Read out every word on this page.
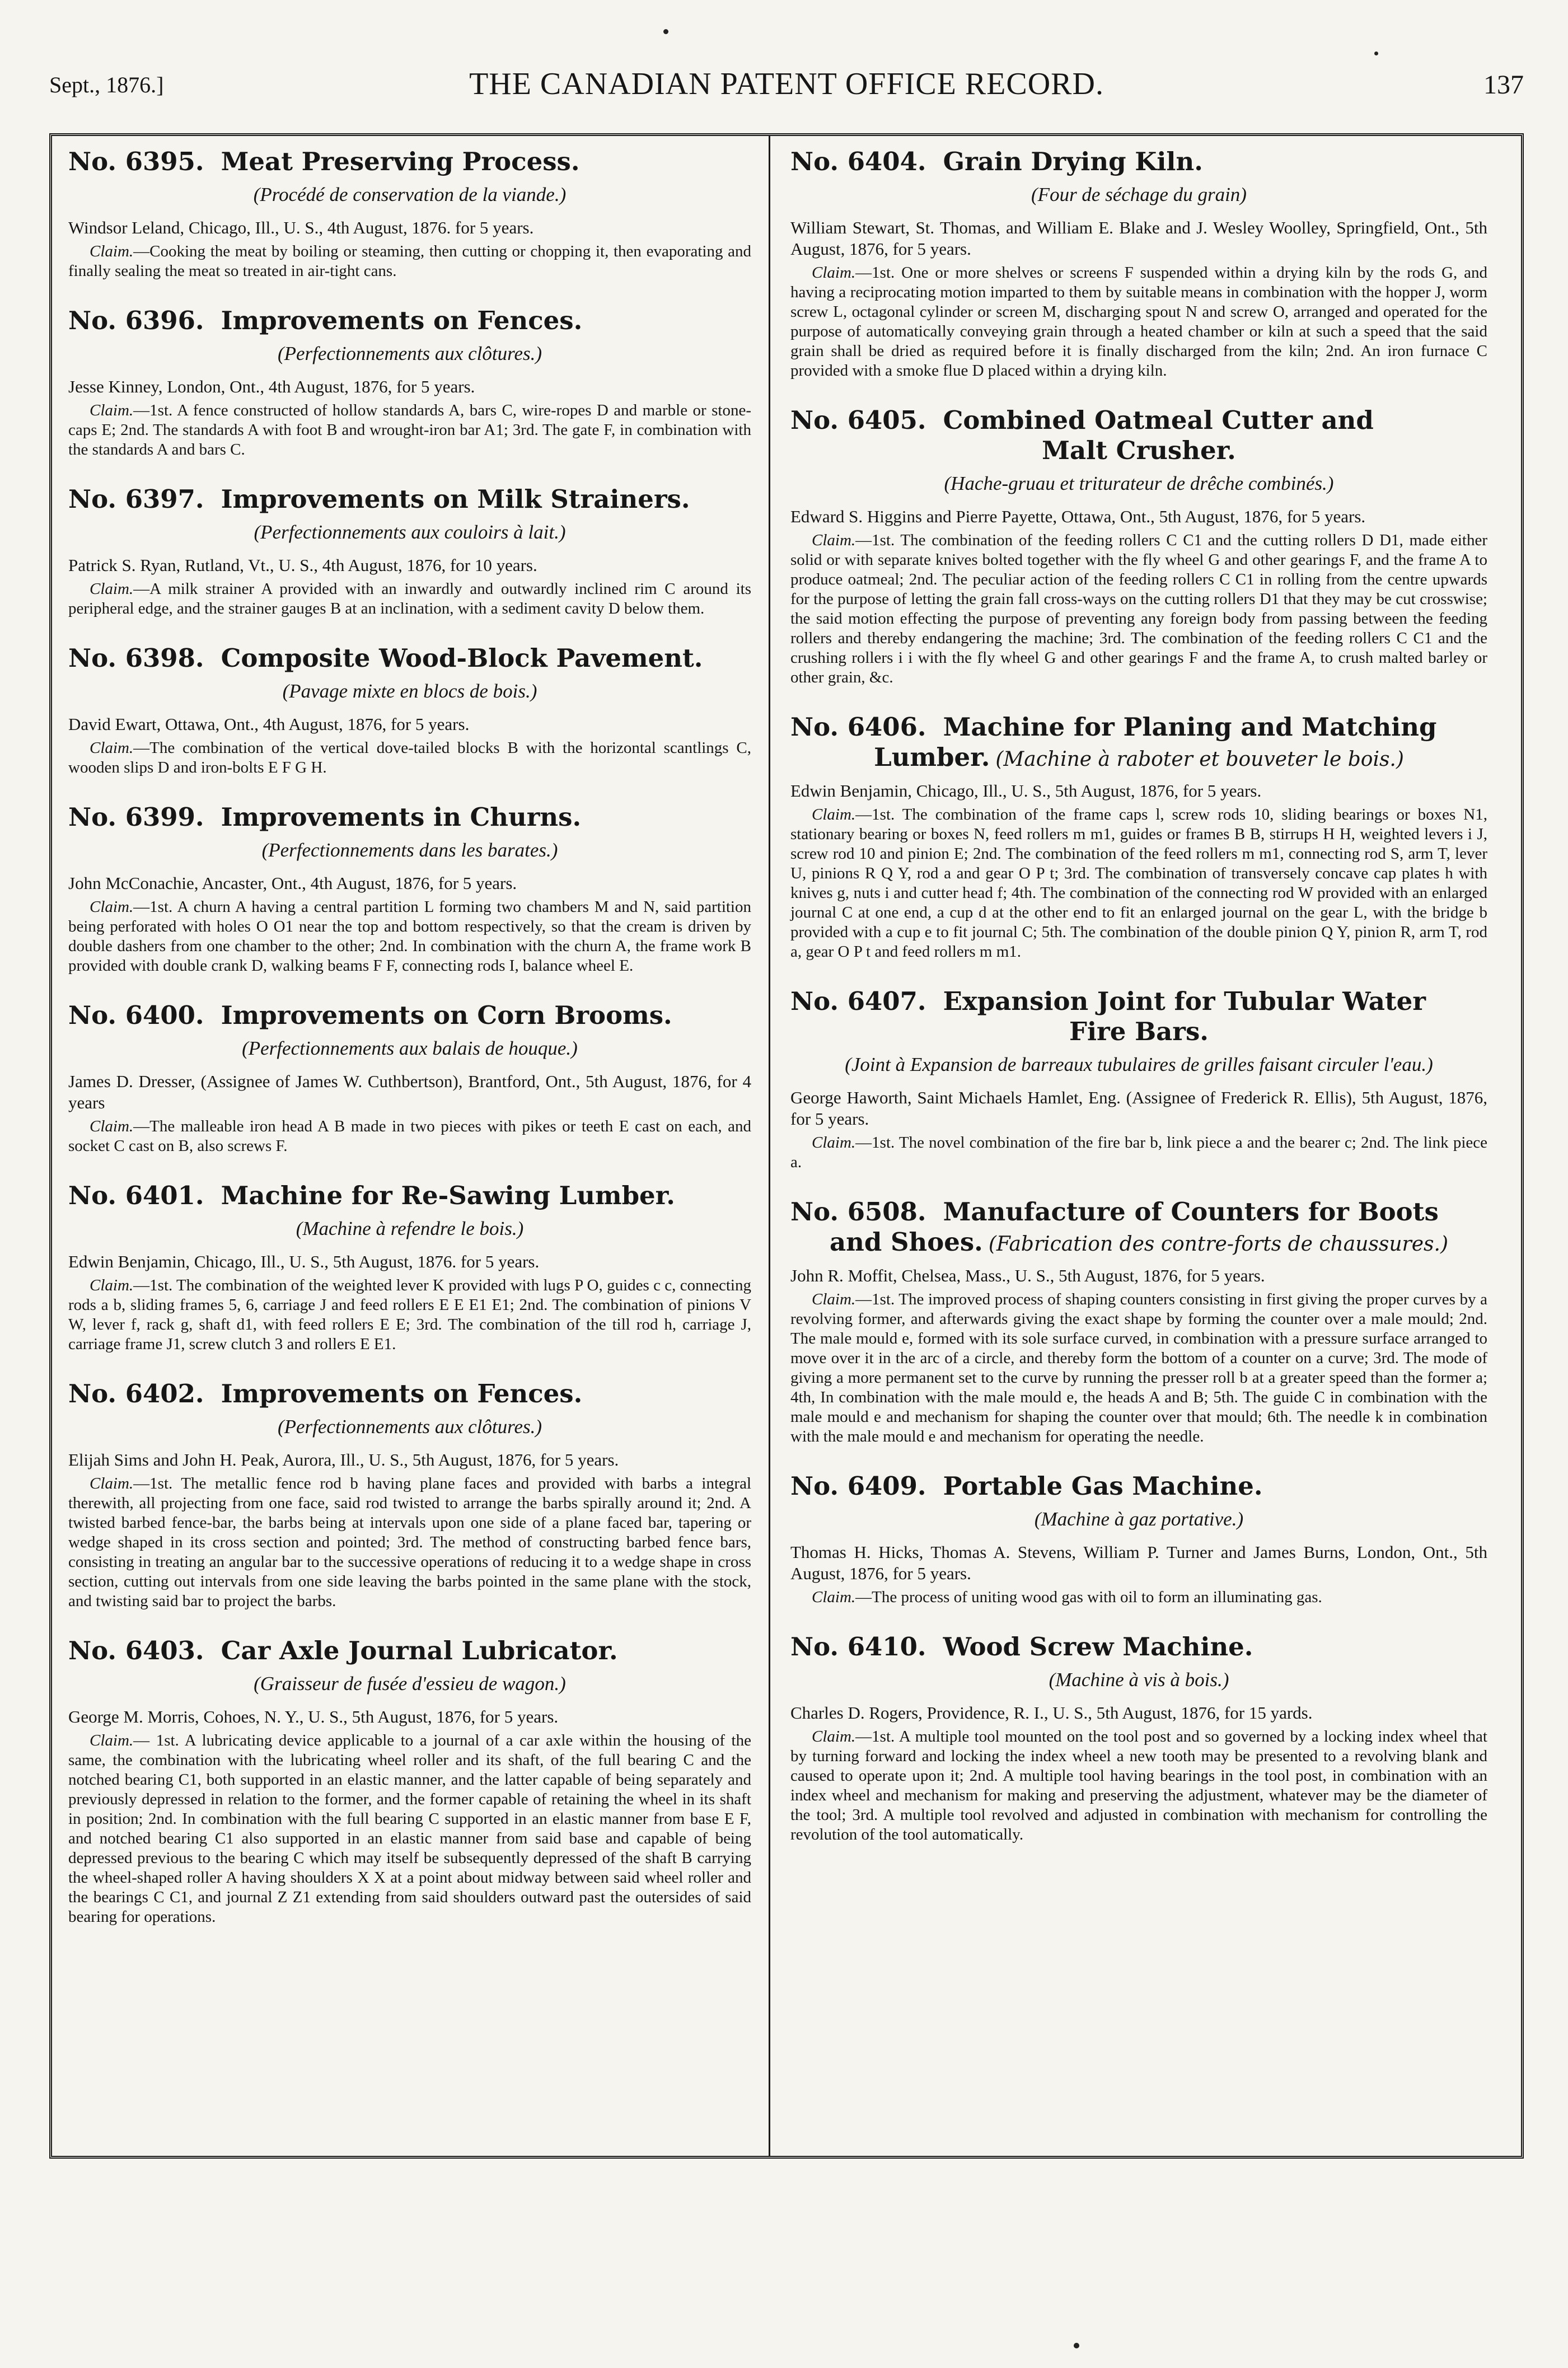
Sept., 1876.]	THE CANADIAN PATENT OFFICE RECORD.	137
No. 6395. Meat Preserving Process.

(Procédé de conservation de la viande.)

Windsor Leland, Chicago, Ill., U. S., 4th August, 1876. for 5 years.

Claim.—Cooking the meat by boiling or steaming, then cutting or chopping it, then evaporating and finally sealing the meat so treated in air-tight cans.

No. 6396. Improvements on Fences.

(Perfectionnements aux clôtures.)

Jesse Kinney, London, Ont., 4th August, 1876, for 5 years.

Claim.—1st. A fence constructed of hollow standards A, bars C, wire-ropes D and marble or stone-caps E; 2nd. The standards A with foot B and wrought-iron bar A1; 3rd. The gate F, in combination with the standards A and bars C.

No. 6397. Improvements on Milk Strainers.

(Perfectionnements aux couloirs à lait.)

Patrick S. Ryan, Rutland, Vt., U. S., 4th August, 1876, for 10 years.

Claim.—A milk strainer A provided with an inwardly and outwardly inclined rim C around its peripheral edge, and the strainer gauges B at an inclination, with a sediment cavity D below them.

No. 6398. Composite Wood-Block Pavement.

(Pavage mixte en blocs de bois.)

David Ewart, Ottawa, Ont., 4th August, 1876, for 5 years.

Claim.—The combination of the vertical dove-tailed blocks B with the horizontal scantlings C, wooden slips D and iron-bolts E F G H.

No. 6399. Improvements in Churns.

(Perfectionnements dans les barates.)

John McConachie, Ancaster, Ont., 4th August, 1876, for 5 years.

Claim.—1st. A churn A having a central partition L forming two chambers M and N, said partition being perforated with holes O O1 near the top and bottom respectively, so that the cream is driven by double dashers from one chamber to the other; 2nd. In combination with the churn A, the frame work B provided with double crank D, walking beams F F, connecting rods I, balance wheel E.

No. 6400. Improvements on Corn Brooms.

(Perfectionnements aux balais de houque.)

James D. Dresser, (Assignee of James W. Cuthbertson), Brantford, Ont., 5th August, 1876, for 4 years

Claim.—The malleable iron head A B made in two pieces with pikes or teeth E cast on each, and socket C cast on B, also screws F.

No. 6401. Machine for Re-Sawing Lumber.

(Machine à refendre le bois.)

Edwin Benjamin, Chicago, Ill., U. S., 5th August, 1876. for 5 years.

Claim.—1st. The combination of the weighted lever K provided with lugs P O, guides c c, connecting rods a b, sliding frames 5, 6, carriage J and feed rollers E E E1 E1; 2nd. The combination of pinions V W, lever f, rack g, shaft d1, with feed rollers E E; 3rd. The combination of the till rod h, carriage J, carriage frame J1, screw clutch 3 and rollers E E1.

No. 6402. Improvements on Fences.

(Perfectionnements aux clôtures.)

Elijah Sims and John H. Peak, Aurora, Ill., U. S., 5th August, 1876, for 5 years.

Claim.—1st. The metallic fence rod b having plane faces and provided with barbs a integral therewith, all projecting from one face, said rod twisted to arrange the barbs spirally around it; 2nd. A twisted barbed fence-bar, the barbs being at intervals upon one side of a plane faced bar, tapering or wedge shaped in its cross section and pointed; 3rd. The method of constructing barbed fence bars, consisting in treating an angular bar to the successive operations of reducing it to a wedge shape in cross section, cutting out intervals from one side leaving the barbs pointed in the same plane with the stock, and twisting said bar to project the barbs.

No. 6403. Car Axle Journal Lubricator.

(Graisseur de fusée d'essieu de wagon.)

George M. Morris, Cohoes, N. Y., U. S., 5th August, 1876, for 5 years.

Claim.— 1st. A lubricating device applicable to a journal of a car axle within the housing of the same, the combination with the lubricating wheel roller and its shaft, of the full bearing C and the notched bearing C1, both supported in an elastic manner, and the latter capable of being separately and previously depressed in relation to the former, and the former capable of retaining the wheel in its shaft in position; 2nd. In combination with the full bearing C supported in an elastic manner from base E F, and notched bearing C1 also supported in an elastic manner from said base and capable of being depressed previous to the bearing C which may itself be subsequently depressed of the shaft B carrying the wheel-shaped roller A having shoulders X X at a point about midway between said wheel roller and the bearings C C1, and journal Z Z1 extending from said shoulders outward past the outersides of said bearing for operations.

No. 6404. Grain Drying Kiln.

(Four de séchage du grain)

William Stewart, St. Thomas, and William E. Blake and J. Wesley Woolley, Springfield, Ont., 5th August, 1876, for 5 years.

Claim.—1st. One or more shelves or screens F suspended within a drying kiln by the rods G, and having a reciprocating motion imparted to them by suitable means in combination with the hopper J, worm screw L, octagonal cylinder or screen M, discharging spout N and screw O, arranged and operated for the purpose of automatically conveying grain through a heated chamber or kiln at such a speed that the said grain shall be dried as required before it is finally discharged from the kiln; 2nd. An iron furnace C provided with a smoke flue D placed within a drying kiln.

No. 6405. Combined Oatmeal Cutter and
Malt Crusher.

(Hache-gruau et triturateur de drêche combinés.)

Edward S. Higgins and Pierre Payette, Ottawa, Ont., 5th August, 1876, for 5 years.

Claim.—1st. The combination of the feeding rollers C C1 and the cutting rollers D D1, made either solid or with separate knives bolted together with the fly wheel G and other gearings F, and the frame A to produce oatmeal; 2nd. The peculiar action of the feeding rollers C C1 in rolling from the centre upwards for the purpose of letting the grain fall cross-ways on the cutting rollers D1 that they may be cut crosswise; the said motion effecting the purpose of preventing any foreign body from passing between the feeding rollers and thereby endangering the machine; 3rd. The combination of the feeding rollers C C1 and the crushing rollers i i with the fly wheel G and other gearings F and the frame A, to crush malted barley or other grain, &c.

No. 6406. Machine for Planing and Matching
Lumber. (Machine à raboter et bouveter le bois.)

Edwin Benjamin, Chicago, Ill., U. S., 5th August, 1876, for 5 years.

Claim.—1st. The combination of the frame caps l, screw rods 10, sliding bearings or boxes N1, stationary bearing or boxes N, feed rollers m m1, guides or frames B B, stirrups H H, weighted levers i J, screw rod 10 and pinion E; 2nd. The combination of the feed rollers m m1, connecting rod S, arm T, lever U, pinions R Q Y, rod a and gear O P t; 3rd. The combination of transversely concave cap plates h with knives g, nuts i and cutter head f; 4th. The combination of the connecting rod W provided with an enlarged journal C at one end, a cup d at the other end to fit an enlarged journal on the gear L, with the bridge b provided with a cup e to fit journal C; 5th. The combination of the double pinion Q Y, pinion R, arm T, rod a, gear O P t and feed rollers m m1.

No. 6407. Expansion Joint for Tubular Water
Fire Bars.

(Joint à Expansion de barreaux tubulaires de grilles faisant circuler l'eau.)

George Haworth, Saint Michaels Hamlet, Eng. (Assignee of Frederick R. Ellis), 5th August, 1876, for 5 years.

Claim.—1st. The novel combination of the fire bar b, link piece a and the bearer c; 2nd. The link piece a.

No. 6508. Manufacture of Counters for Boots
and Shoes. (Fabrication des contre-forts de chaussures.)

John R. Moffit, Chelsea, Mass., U. S., 5th August, 1876, for 5 years.

Claim.—1st. The improved process of shaping counters consisting in first giving the proper curves by a revolving former, and afterwards giving the exact shape by forming the counter over a male mould; 2nd. The male mould e, formed with its sole surface curved, in combination with a pressure surface arranged to move over it in the arc of a circle, and thereby form the bottom of a counter on a curve; 3rd. The mode of giving a more permanent set to the curve by running the presser roll b at a greater speed than the former a; 4th, In combination with the male mould e, the heads A and B; 5th. The guide C in combination with the male mould e and mechanism for shaping the counter over that mould; 6th. The needle k in combination with the male mould e and mechanism for operating the needle.

No. 6409. Portable Gas Machine.

(Machine à gaz portative.)

Thomas H. Hicks, Thomas A. Stevens, William P. Turner and James Burns, London, Ont., 5th August, 1876, for 5 years.

Claim.—The process of uniting wood gas with oil to form an illuminating gas.

No. 6410. Wood Screw Machine.

(Machine à vis à bois.)

Charles D. Rogers, Providence, R. I., U. S., 5th August, 1876, for 15 yards.

Claim.—1st. A multiple tool mounted on the tool post and so governed by a locking index wheel that by turning forward and locking the index wheel a new tooth may be presented to a revolving blank and caused to operate upon it; 2nd. A multiple tool having bearings in the tool post, in combination with an index wheel and mechanism for making and preserving the adjustment, whatever may be the diameter of the tool; 3rd. A multiple tool revolved and adjusted in combination with mechanism for controlling the revolution of the tool automatically.
